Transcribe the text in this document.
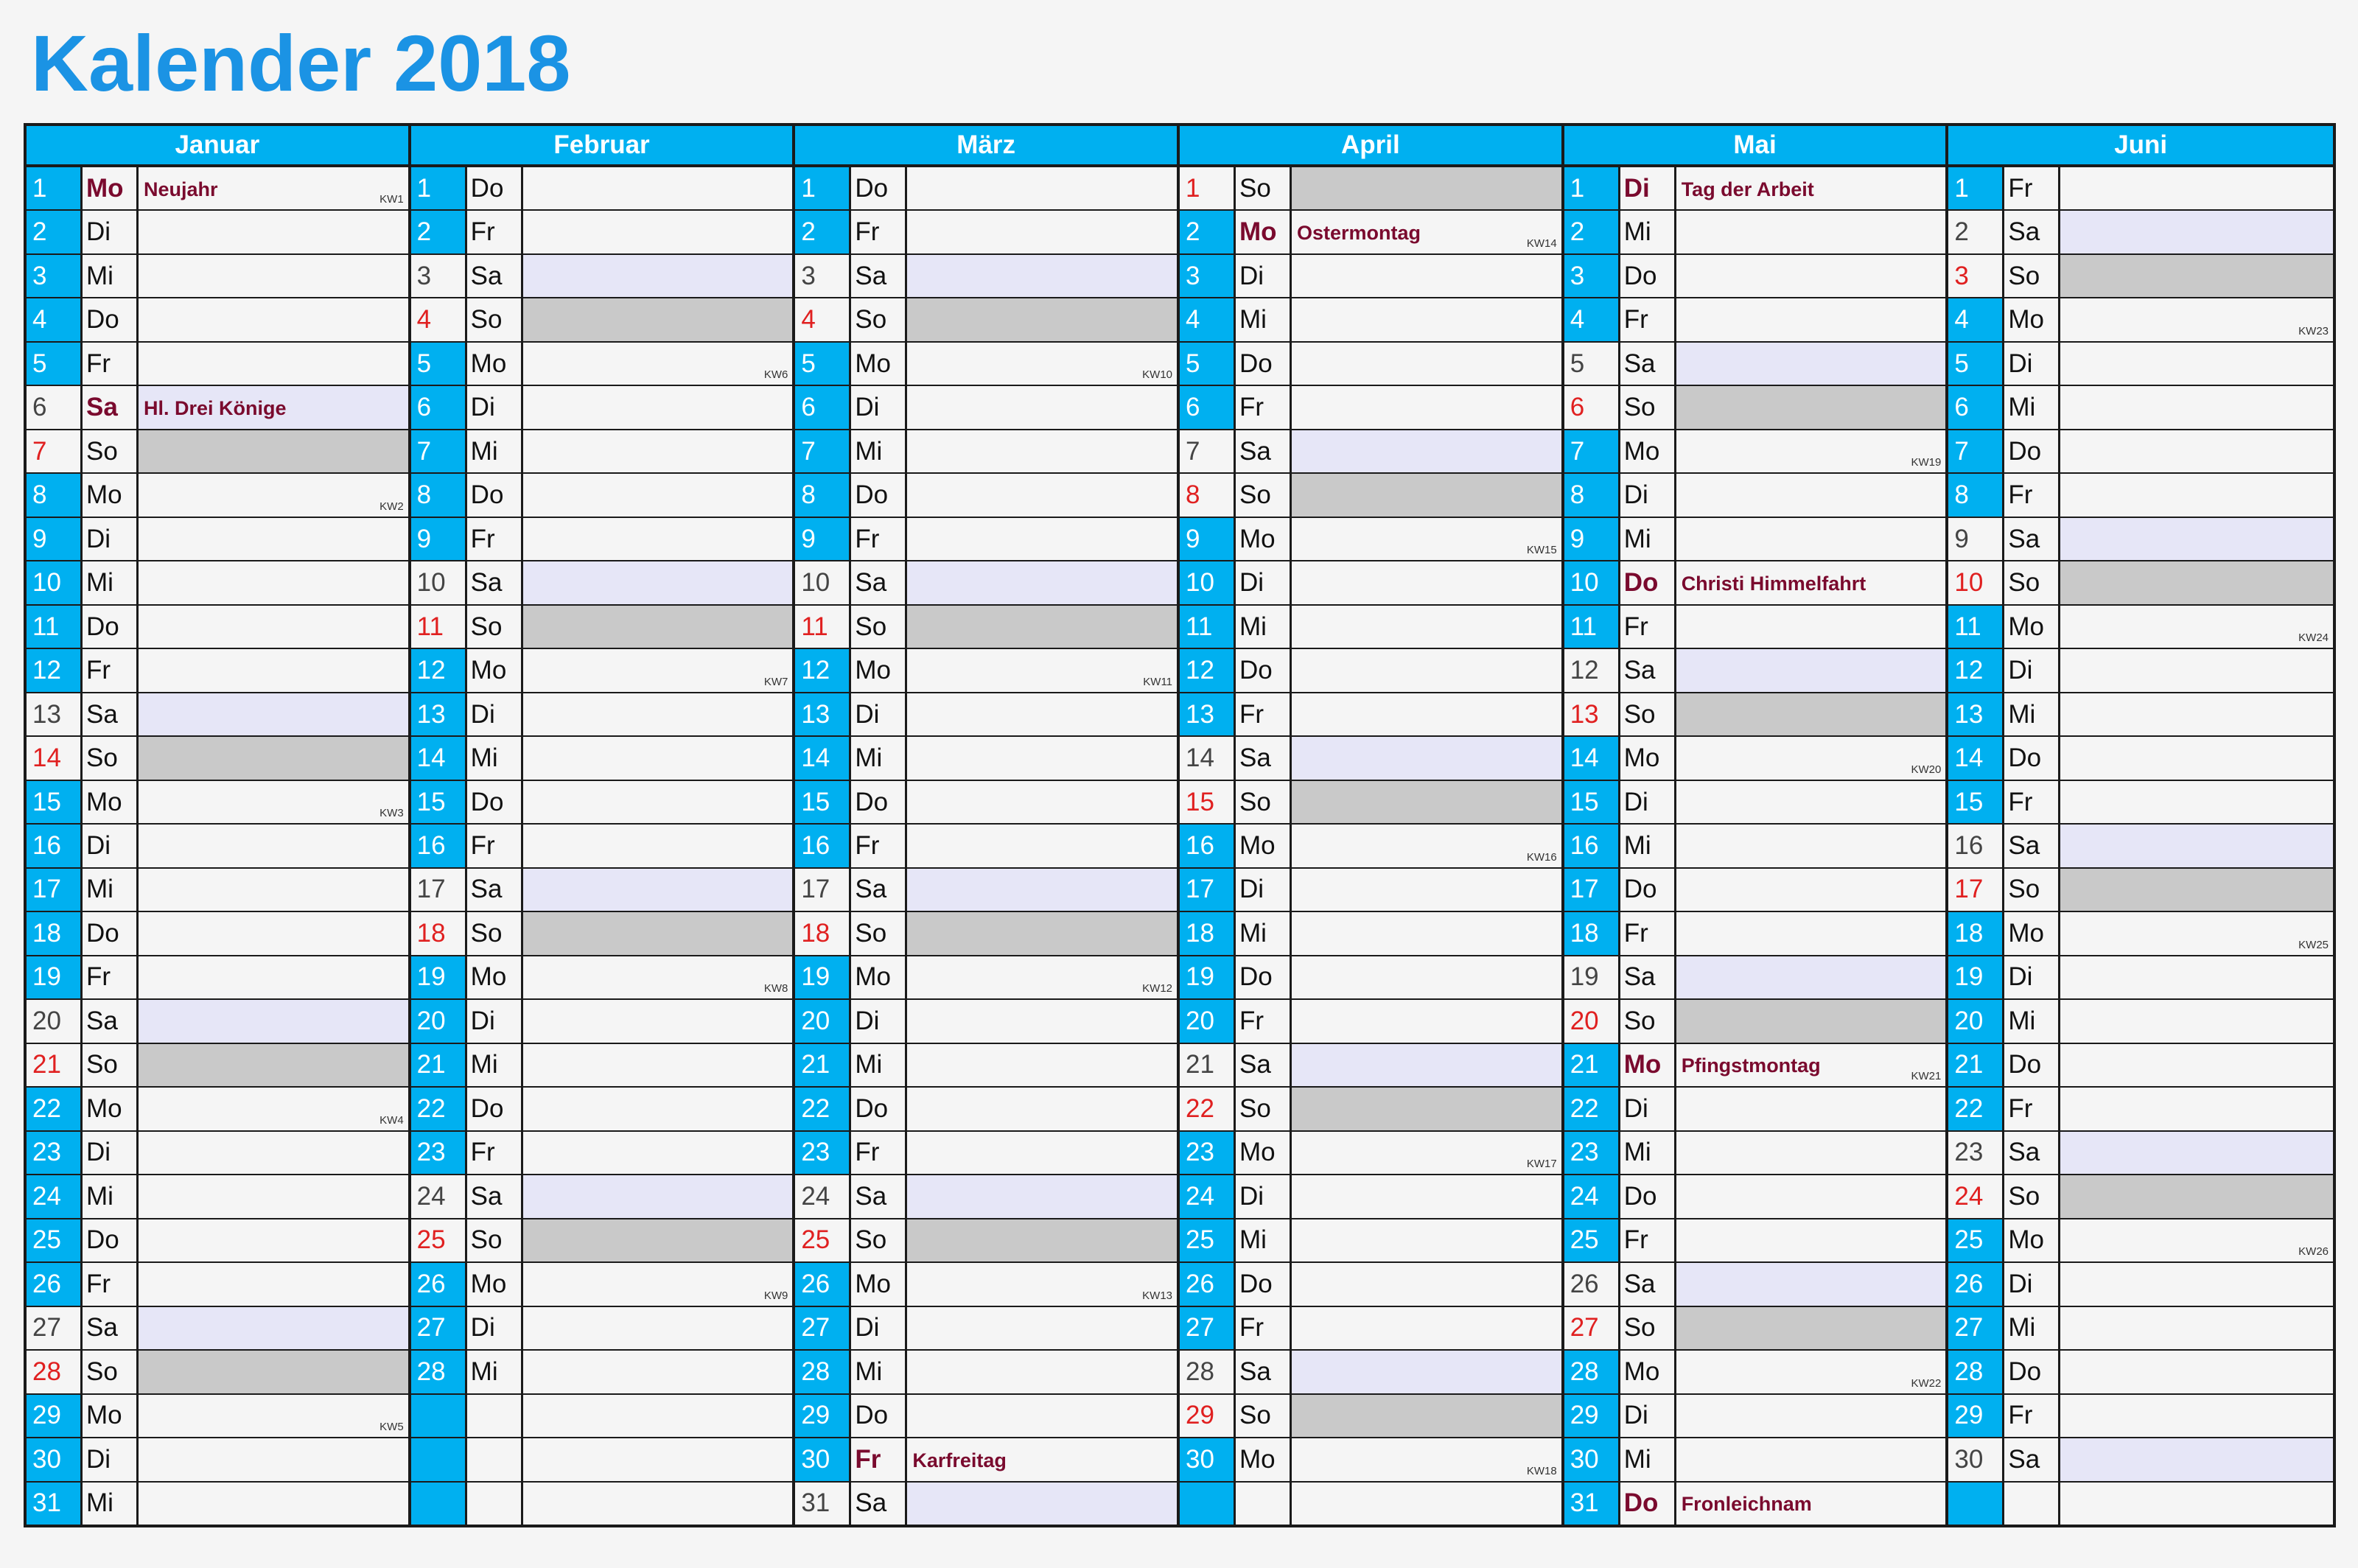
Kalender 2018
Januar
1	Mo	Neujahr	KW1
2	Di
3	Mi
4	Do
5	Fr
6	Sa	Hl. Drei Könige
7	So
8	Mo	KW2
9	Di
10 Mi
11	Do
12 Fr
13 Sa
14 So
15 Mo	KW3
16 Di
17 Mi
18 Do
19 Fr
20 Sa
21 So
22 Mo	KW4
23 Di
24 Mi
25 Do
26 Fr
27 Sa
28 So
29 Mo	KW5
30 Di
31 Mi
Februar
1	Do
2	Fr
3	Sa
4	So
5	Mo	KW6
6	Di
7	Mi
8	Do
9	Fr
10 Sa
11	So
12 Mo	KW7
13 Di
14 Mi
15 Do
16 Fr
17 Sa
18 So
19 Mo	KW8
20 Di
21 Mi
22 Do
23 Fr
24 Sa
25 So
26 Mo	KW9
27 Di
28 Mi
März
1	Do
2	Fr
3	Sa
4	So
5	Mo	KW10
6	Di
7	Mi
8	Do
9	Fr
10 Sa
11	So
12 Mo	KW11
13 Di
14 Mi
15 Do
16 Fr
17 Sa
18 So
19 Mo	KW12
20 Di
21 Mi
22 Do
23 Fr
24 Sa
25 So
26 Mo	KW13
27 Di
28 Mi
29 Do
30 Fr	Karfreitag
31 Sa
April
1	So
2	Mo	Ostermontag	KW14
3	Di
4	Mi
5	Do
6	Fr
7	Sa
8	So
9	Mo	KW15
10 Di
11	Mi
12 Do
13 Fr
14 Sa
15 So
16 Mo	KW16
17 Di
18 Mi
19 Do
20 Fr
21 Sa
22 So
23 Mo	KW17
24 Di
25 Mi
26 Do
27 Fr
28 Sa
29 So
30 Mo	KW18
Mai
1	Di	Tag der Arbeit
2	Mi
3	Do
4	Fr
5	Sa
6	So
7	Mo	KW19
8	Di
9	Mi
10 Do	Christi Himmelfahrt
11	Fr
12 Sa
13 So
14 Mo	KW20
15 Di
16 Mi
17 Do
18 Fr
19 Sa
20 So
21 Mo	Pfingstmontag	KW21
22 Di
23 Mi
24 Do
25 Fr
26 Sa
27 So
28 Mo	KW22
29 Di
30 Mi
31 Do	Fronleichnam
Juni
1	Fr
2	Sa
3	So
4	Mo	KW23
5	Di
6	Mi
7	Do
8	Fr
9	Sa
10 So
11	Mo	KW24
12 Di
13 Mi
14 Do
15 Fr
16 Sa
17 So
18 Mo	KW25
19 Di
20 Mi
21 Do
22 Fr
23 Sa
24 So
25 Mo	KW26
26 Di
27 Mi
28 Do
29 Fr
30 Sa
